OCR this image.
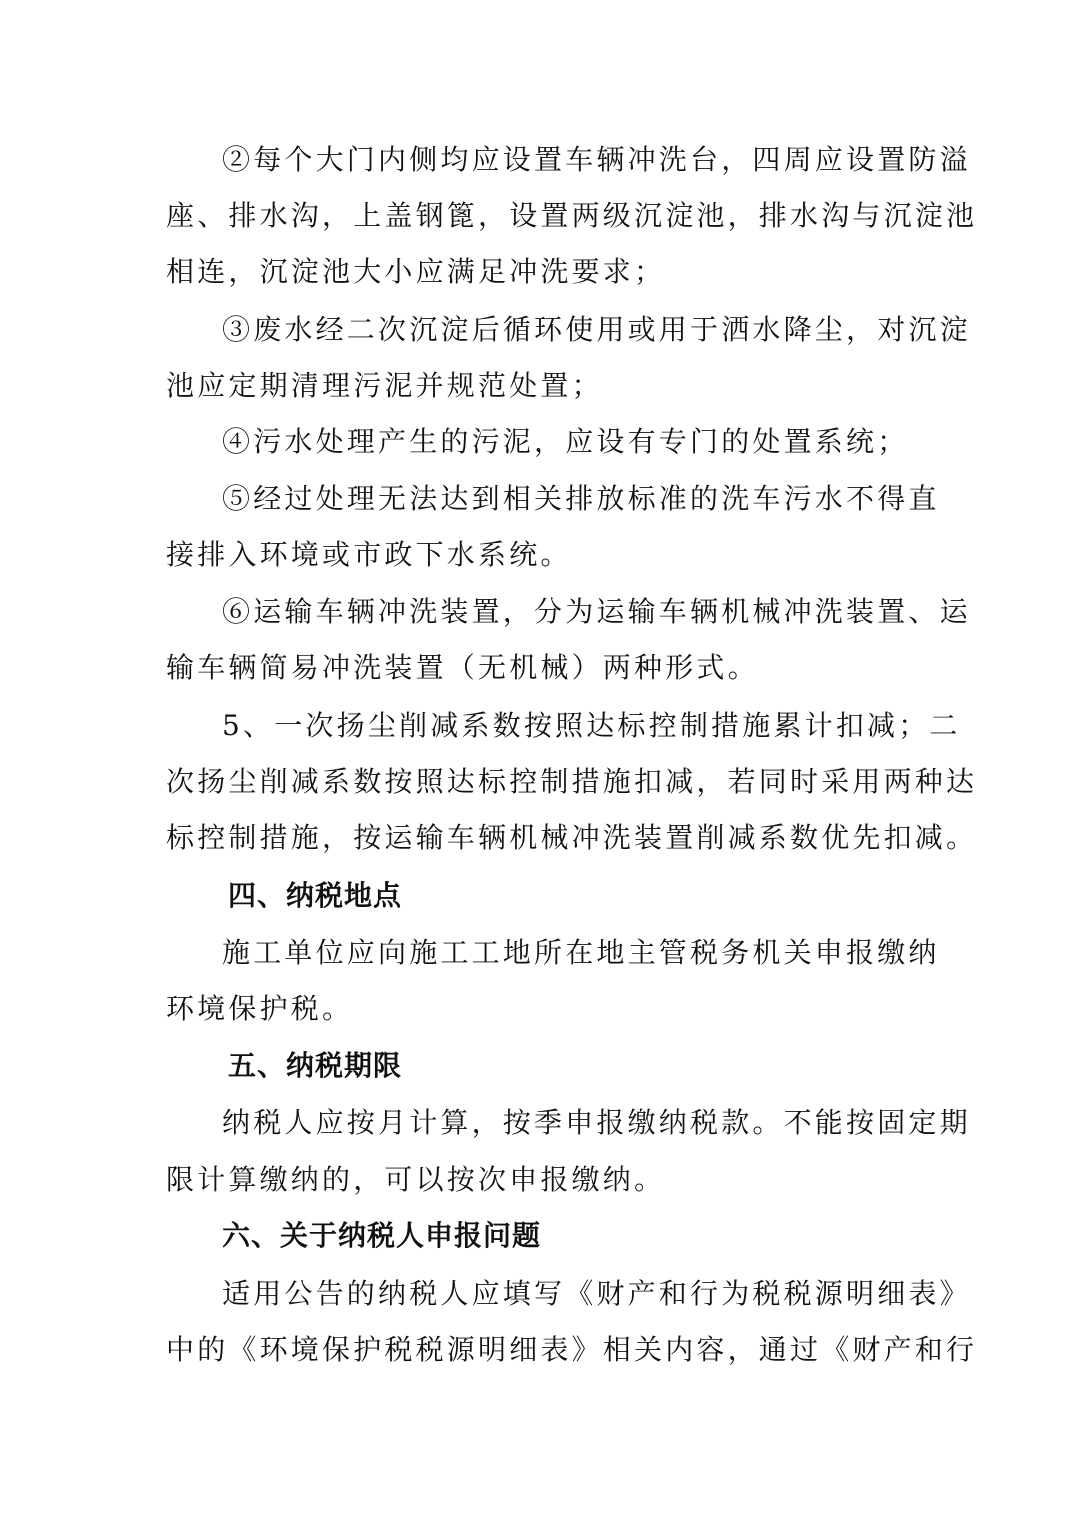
②每个大门内侧均应设置车辆冲洗台，四周应设置防溢
座、排水沟，上盖钢篦，设置两级沉淀池，排水沟与沉淀池
相连，沉淀池大小应满足冲洗要求；
③废水经二次沉淀后循环使用或用于洒水降尘，对沉淀
池应定期清理污泥并规范处置；
④污水处理产生的污泥，应设有专门的处置系统；
⑤经过处理无法达到相关排放标准的洗车污水不得直
接排入环境或市政下水系统。
⑥运输车辆冲洗装置，分为运输车辆机械冲洗装置、运
输车辆简易冲洗装置（无机械）两种形式。
5、一次扬尘削减系数按照达标控制措施累计扣减；二
次扬尘削减系数按照达标控制措施扣减，若同时采用两种达
标控制措施，按运输车辆机械冲洗装置削减系数优先扣减。
四、纳税地点
施工单位应向施工工地所在地主管税务机关申报缴纳
环境保护税。
五、纳税期限
纳税人应按月计算，按季申报缴纳税款。不能按固定期
限计算缴纳的，可以按次申报缴纳。
六、关于纳税人申报问题
适用公告的纳税人应填写《财产和行为税税源明细表》
中的《环境保护税税源明细表》相关内容，通过《财产和行
